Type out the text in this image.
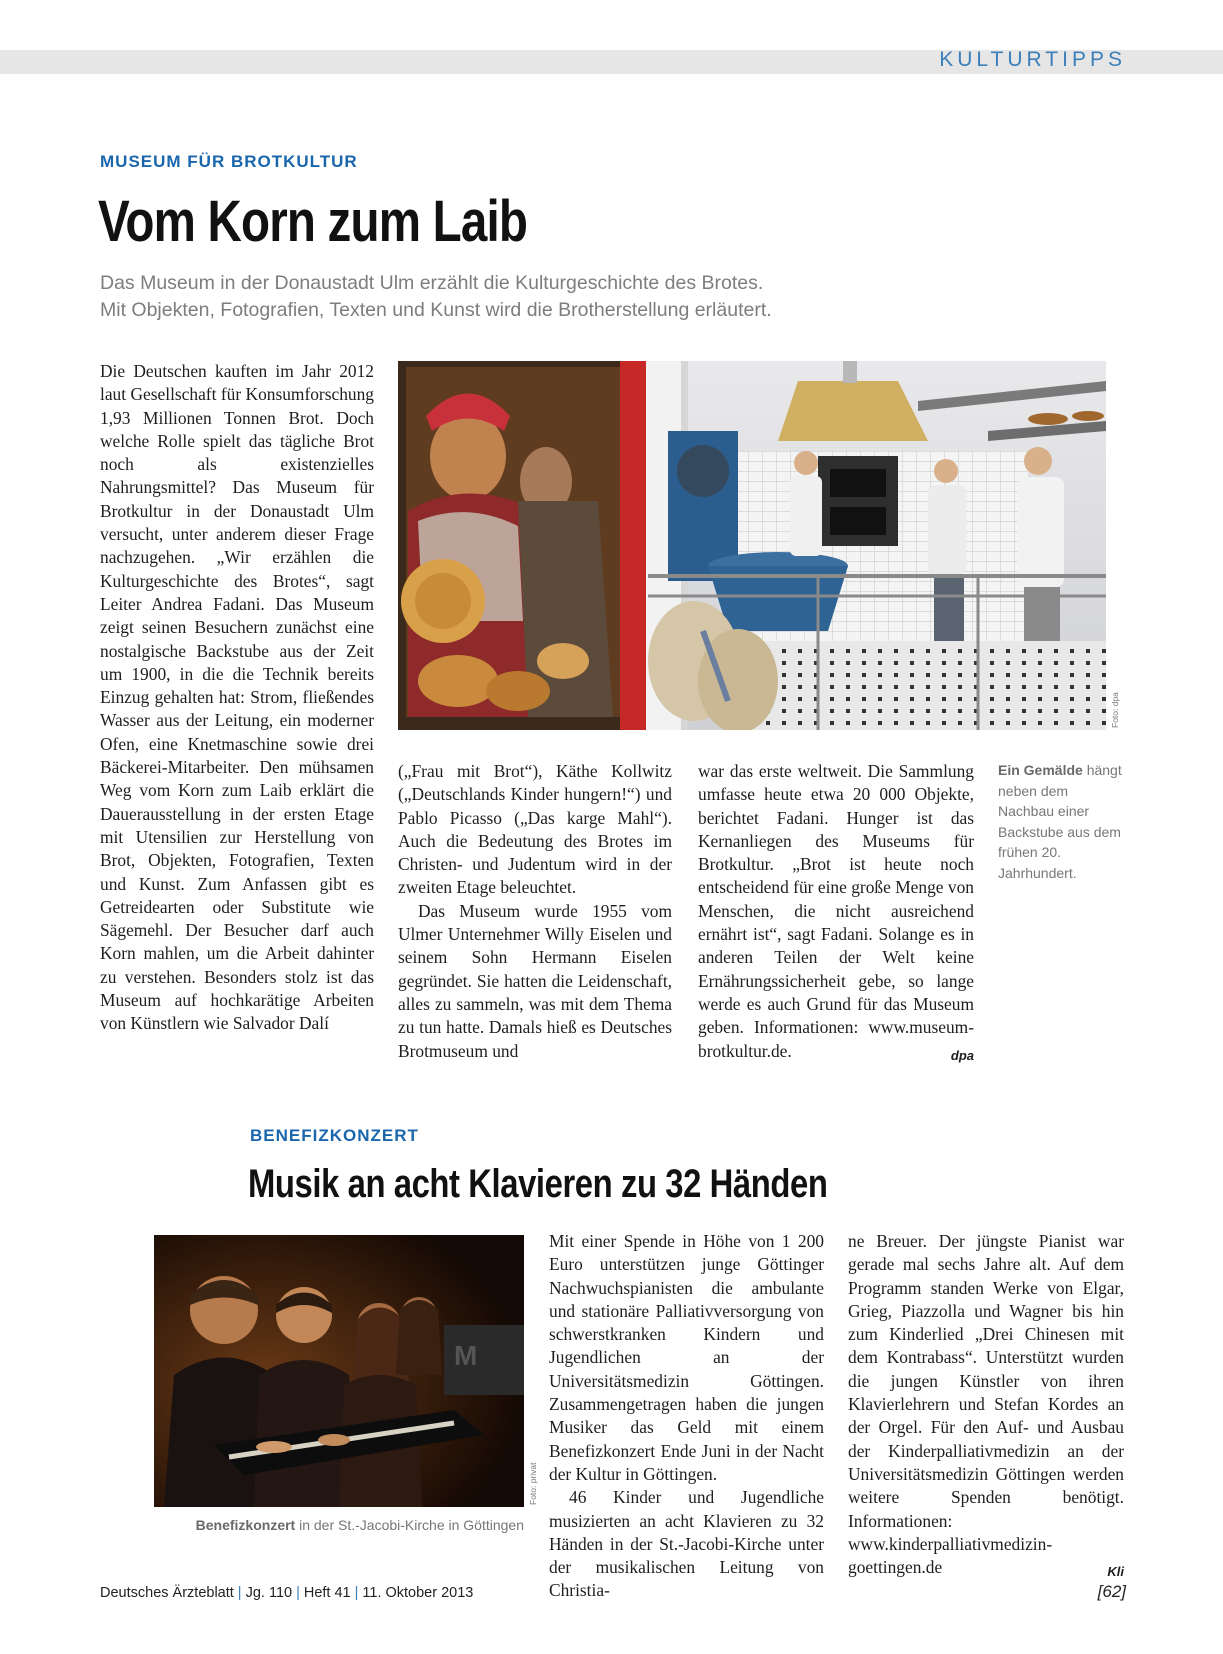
KULTURTIPPS
MUSEUM FÜR BROTKULTUR
Vom Korn zum Laib
Das Museum in der Donaustadt Ulm erzählt die Kulturgeschichte des Brotes.
Mit Objekten, Fotografien, Texten und Kunst wird die Brotherstellung erläutert.

Die Deutschen kauften im Jahr 2012 laut Gesellschaft für Konsumforschung 1,93 Millionen Tonnen Brot. Doch welche Rolle spielt das tägliche Brot noch als existenzielles Nahrungsmittel? Das Museum für Brotkultur in der Donaustadt Ulm versucht, unter anderem dieser Frage nachzugehen. „Wir erzählen die Kulturgeschichte des Brotes“, sagt Leiter Andrea Fadani. Das Museum zeigt seinen Besuchern zunächst eine nostalgische Backstube aus der Zeit um 1900, in die die Technik bereits Einzug gehalten hat: Strom, fließendes Wasser aus der Leitung, ein moderner Ofen, eine Knetmaschine sowie drei Bäckerei-Mitarbeiter. Den mühsamen Weg vom Korn zum Laib erklärt die Dauerausstellung in der ersten Etage mit Utensilien zur Herstellung von Brot, Objekten, Fotografien, Texten und Kunst. Zum Anfassen gibt es Getreidearten oder Substitute wie Sägemehl. Der Besucher darf auch Korn mahlen, um die Arbeit dahinter zu verstehen. Besonders stolz ist das Museum auf hochkarätige Arbeiten von Künstlern wie Salvador Dalí

Foto: dpa

(„Frau mit Brot“), Käthe Kollwitz („Deutschlands Kinder hungern!“) und Pablo Picasso („Das karge Mahl“). Auch die Bedeutung des Brotes im Christen- und Judentum wird in der zweiten Etage beleuchtet.

Das Museum wurde 1955 vom Ulmer Unternehmer Willy Eiselen und seinem Sohn Hermann Eiselen gegründet. Sie hatten die Leidenschaft, alles zu sammeln, was mit dem Thema zu tun hatte. Damals hieß es Deutsches Brotmuseum und

war das erste weltweit. Die Sammlung umfasse heute etwa 20 000 Objekte, berichtet Fadani. Hunger ist das Kernanliegen des Museums für Brotkultur. „Brot ist heute noch entscheidend für eine große Menge von Menschen, die nicht ausreichend ernährt ist“, sagt Fadani. Solange es in anderen Teilen der Welt keine Ernährungssicherheit gebe, so lange werde es auch Grund für das Museum geben. Informationen: www.museum-brotkultur.de.	dpa

Ein Gemälde hängt neben dem Nachbau einer Backstube aus dem frühen 20. Jahrhundert.
BENEFIZKONZERT
Musik an acht Klavieren zu 32 Händen
M
Foto: privat
Benefizkonzert in der St.-Jacobi-Kirche in Göttingen

Mit einer Spende in Höhe von 1 200 Euro unterstützen junge Göttinger Nachwuchspianisten die ambulante und stationäre Palliativversorgung von schwerstkranken Kindern und Jugendlichen an der Universitätsmedizin Göttingen. Zusammengetragen haben die jungen Musiker das Geld mit einem Benefizkonzert Ende Juni in der Nacht der Kultur in Göttingen.

46 Kinder und Jugendliche musizierten an acht Klavieren zu 32 Händen in der St.-Jacobi-Kirche unter der musikalischen Leitung von Christia-

ne Breuer. Der jüngste Pianist war gerade mal sechs Jahre alt. Auf dem Programm standen Werke von Elgar, Grieg, Piazzolla und Wagner bis hin zum Kinderlied „Drei Chinesen mit dem Kontrabass“. Unterstützt wurden die jungen Künstler von ihren Klavierlehrern und Stefan Kordes an der Orgel. Für den Auf- und Ausbau der Kinderpalliativmedizin an der Universitätsmedizin Göttingen werden weitere Spenden benötigt. Informationen: www.kinderpalliativmedizin-goettingen.de	Kli

Deutsches Ärzteblatt | Jg. 110 | Heft 41 | 11. Oktober 2013	[62]
